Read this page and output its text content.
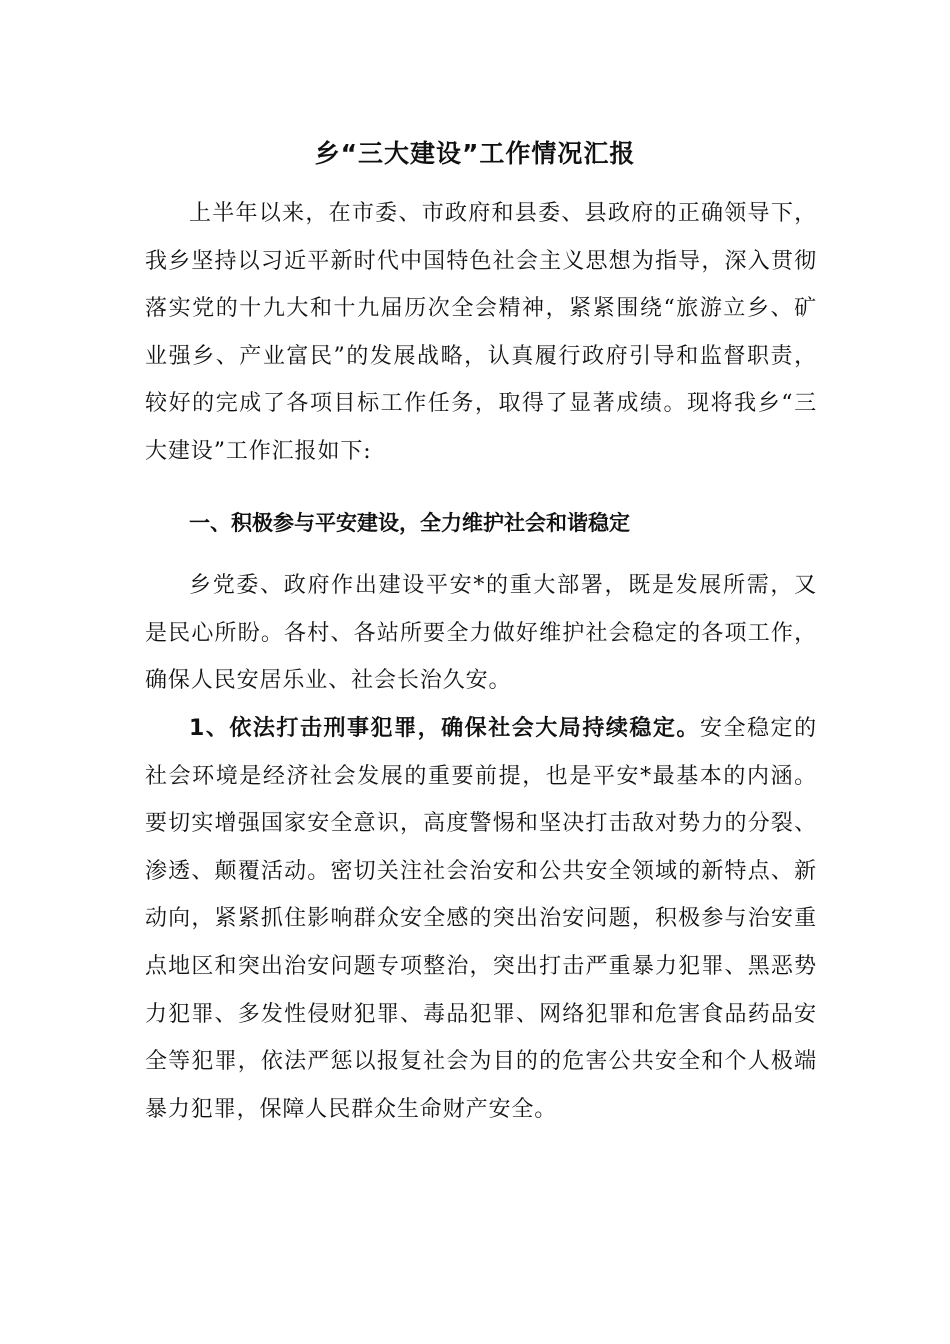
乡“三大建设”工作情况汇报

上半年以来，在市委、市政府和县委、县政府的正确领导下，我乡坚持以习近平新时代中国特色社会主义思想为指导，深入贯彻落实党的十九大和十九届历次全会精神，紧紧围绕“旅游立乡、矿业强乡、产业富民”的发展战略，认真履行政府引导和监督职责，较好的完成了各项目标工作任务，取得了显著成绩。现将我乡“三大建设”工作汇报如下:

一、积极参与平安建设，全力维护社会和谐稳定

乡党委、政府作出建设平安*的重大部署，既是发展所需，又是民心所盼。各村、各站所要全力做好维护社会稳定的各项工作，确保人民安居乐业、社会长治久安。

1、依法打击刑事犯罪，确保社会大局持续稳定。安全稳定的社会环境是经济社会发展的重要前提，也是平安*最基本的内涵。要切实增强国家安全意识，高度警惕和坚决打击敌对势力的分裂、渗透、颠覆活动。密切关注社会治安和公共安全领域的新特点、新动向，紧紧抓住影响群众安全感的突出治安问题，积极参与治安重点地区和突出治安问题专项整治，突出打击严重暴力犯罪、黑恶势力犯罪、多发性侵财犯罪、毒品犯罪、网络犯罪和危害食品药品安全等犯罪，依法严惩以报复社会为目的的危害公共安全和个人极端暴力犯罪，保障人民群众生命财产安全。
